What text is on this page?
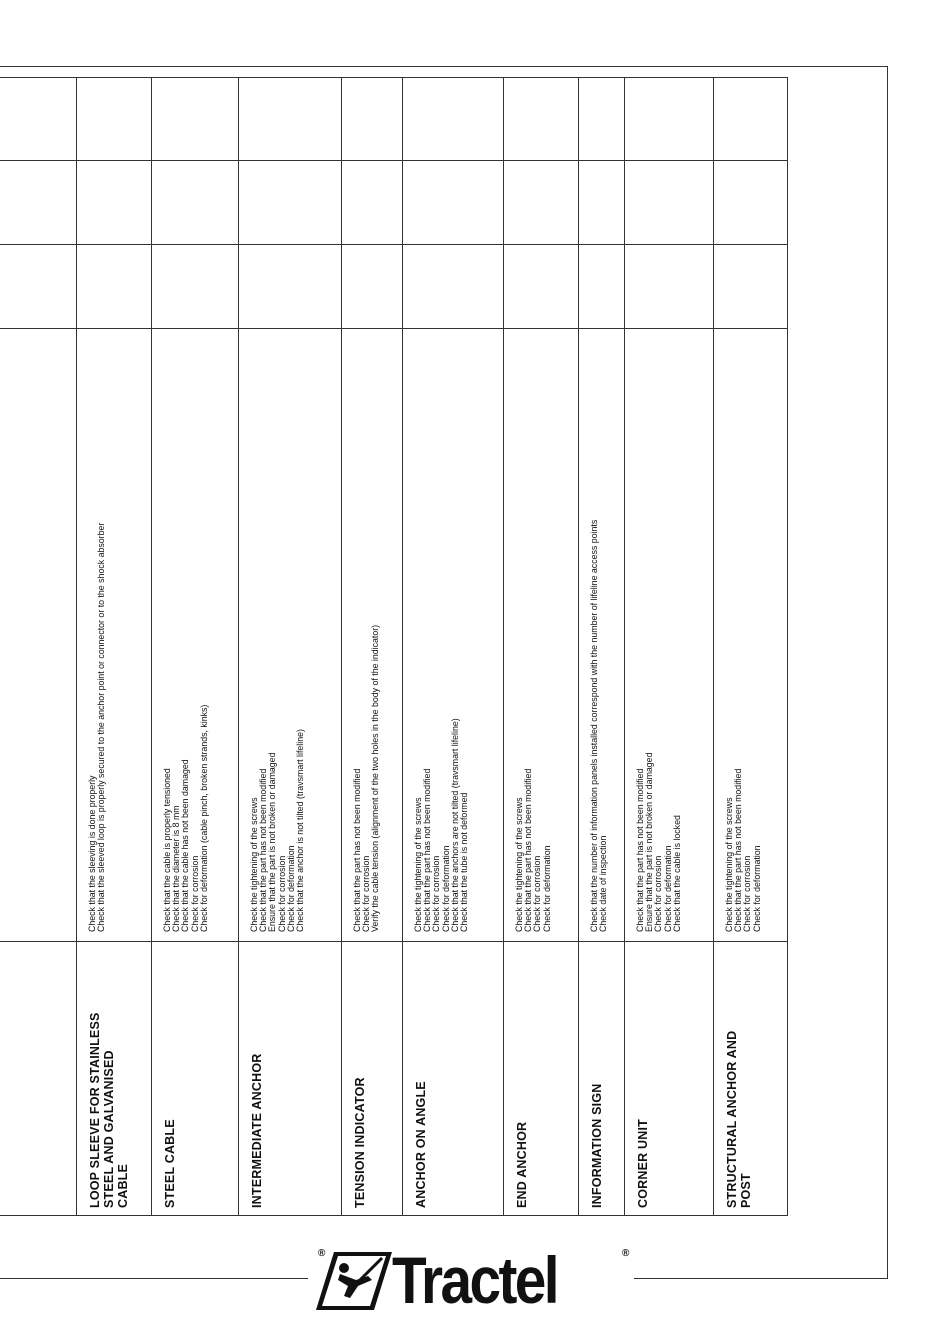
LOOP SLEEVE FOR STAINLESS STEEL AND GALVANISED CABLE
Check that the sleeving is done properly Check that the sleeved loop is properly secured to the anchor point or connector or to the shock absorber
STEEL CABLE
Check that the cable is properly tensioned Check that the diameter is 8 mm Check that the cable has not been damaged Check for corrosion Check for deformation (cable pinch, broken strands, kinks)
INTERMEDIATE ANCHOR
Check the tightening of the screws Check that the part has not been modified Ensure that the part is not broken or damaged Check for corrosion Check for deformation Check that the anchor is not tilted (travsmart lifeline)
TENSION INDICATOR
Check that the part has not been modified Check for corrosion Verify the cable tension (alignment of the two holes in the body of the indicator)
ANCHOR ON ANGLE
Check the tightening of the screws Check that the part has not been modified Check for corrosion Check for deformation Check that the anchors are not tilted (travsmart lifeline) Check that the tube is not deformed
END ANCHOR
Check the tightening of the screws Check that the part has not been modified Check for corrosion Check for deformation
INFORMATION SIGN
Check that the number of information panels installed correspond with the number of lifeline access points Check date of inspection
CORNER UNIT
Check that the part has not been modified Ensure that the part is not broken or damaged Check for corrosion Check for deformation Check that the cable is locked
STRUCTURAL ANCHOR AND POST
Check the tightening of the screws Check that the part has not been modified Check for corrosion Check for deformation
® Tractel	®
